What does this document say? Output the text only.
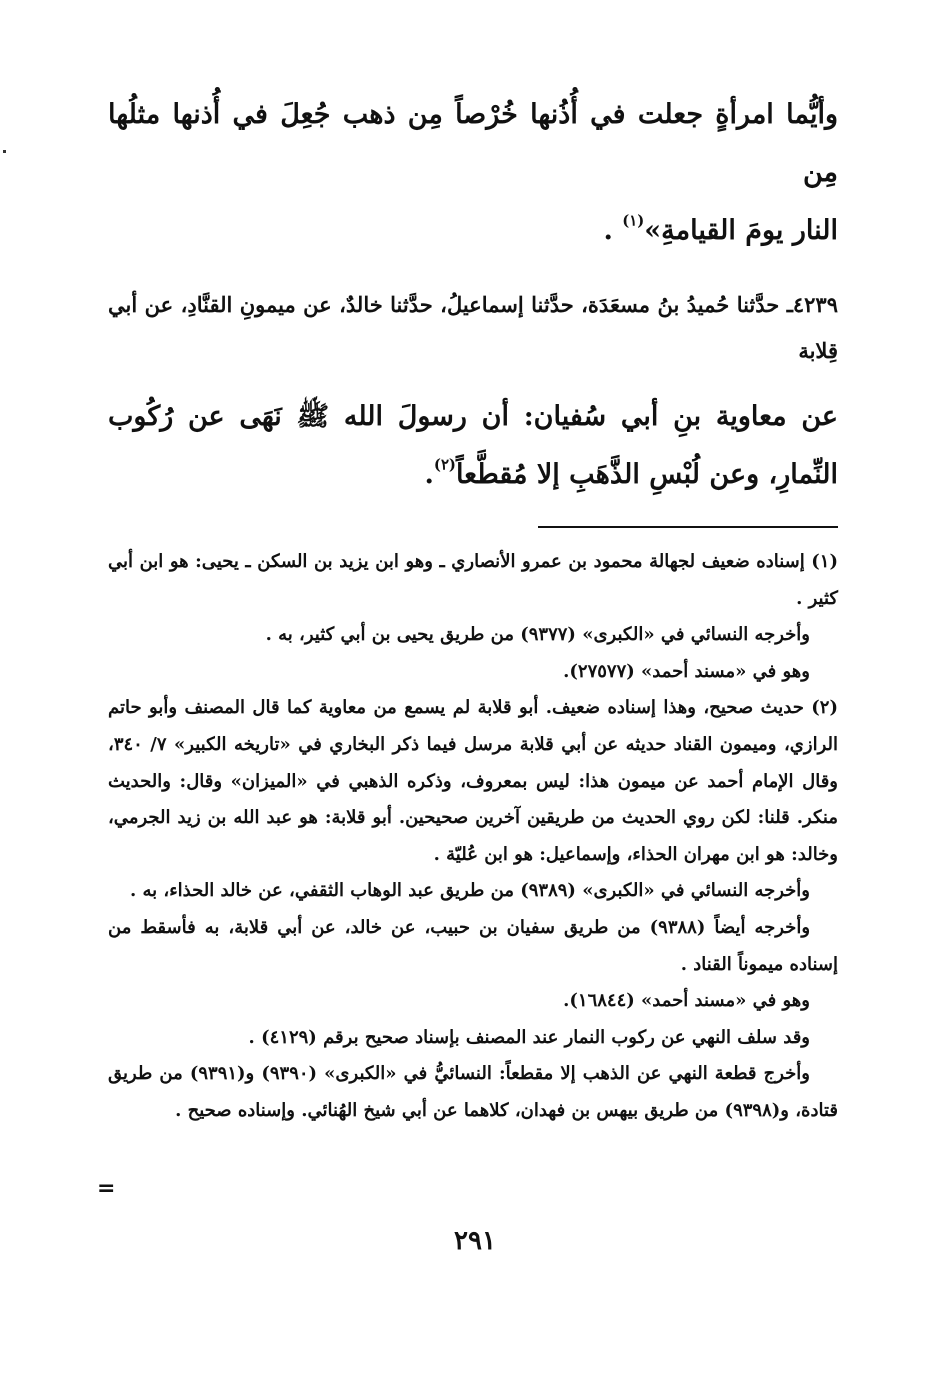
وأيُّما امرأةٍ جعلت في أُذُنها خُرْصاً مِن ذهب جُعِلَ في أُذنها مثلُها مِن
النار يومَ القيامةِ»$^{(١)}$ .

٤٢٣٩ـ حدَّثنا حُميدُ بنُ مسعَدَة، حدَّثنا إسماعيلُ، حدَّثنا خالدٌ، عن ميمونِ القنَّادِ، عن أبي قِلابة

عن معاوية بنِ أبي سُفيان: أن رسولَ الله ﷺ نَهَى عن رُكُوب النِّمارِ، وعن لُبْسِ الذَّهَبِ إلا مُقطَّعاً$^{(٢)}$.

(١) إسناده ضعيف لجهالة محمود بن عمرو الأنصاري ـ وهو ابن يزيد بن السكن ـ يحيى: هو ابن أبي كثير .

وأخرجه النسائي في «الكبرى» (٩٣٧٧) من طريق يحيى بن أبي كثير، به .

وهو في «مسند أحمد» (٢٧٥٧٧).

(٢) حديث صحيح، وهذا إسناده ضعيف. أبو قلابة لم يسمع من معاوية كما قال المصنف وأبو حاتم الرازي، وميمون القناد حديثه عن أبي قلابة مرسل فيما ذكر البخاري في «تاريخه الكبير» ٧/ ٣٤٠، وقال الإمام أحمد عن ميمون هذا: ليس بمعروف، وذكره الذهبي في «الميزان» وقال: والحديث منكر. قلنا: لكن روي الحديث من طريقين آخرين صحيحين. أبو قلابة: هو عبد الله بن زيد الجرمي، وخالد: هو ابن مهران الحذاء، وإسماعيل: هو ابن عُليّة .

وأخرجه النسائي في «الكبرى» (٩٣٨٩) من طريق عبد الوهاب الثقفي، عن خالد الحذاء، به .

وأخرجه أيضاً (٩٣٨٨) من طريق سفيان بن حبيب، عن خالد، عن أبي قلابة، به فأسقط من إسناده ميموناً القناد .

وهو في «مسند أحمد» (١٦٨٤٤).

وقد سلف النهي عن ركوب النمار عند المصنف بإسناد صحيح برقم (٤١٢٩) .

وأخرج قطعة النهي عن الذهب إلا مقطعاً: النسائيُّ في «الكبرى» (٩٣٩٠) و(٩٣٩١) من طريق قتادة، و(٩٣٩٨) من طريق بيهس بن فهدان، كلاهما عن أبي شيخ الهُنائي. وإسناده صحيح .

=
٢٩١
